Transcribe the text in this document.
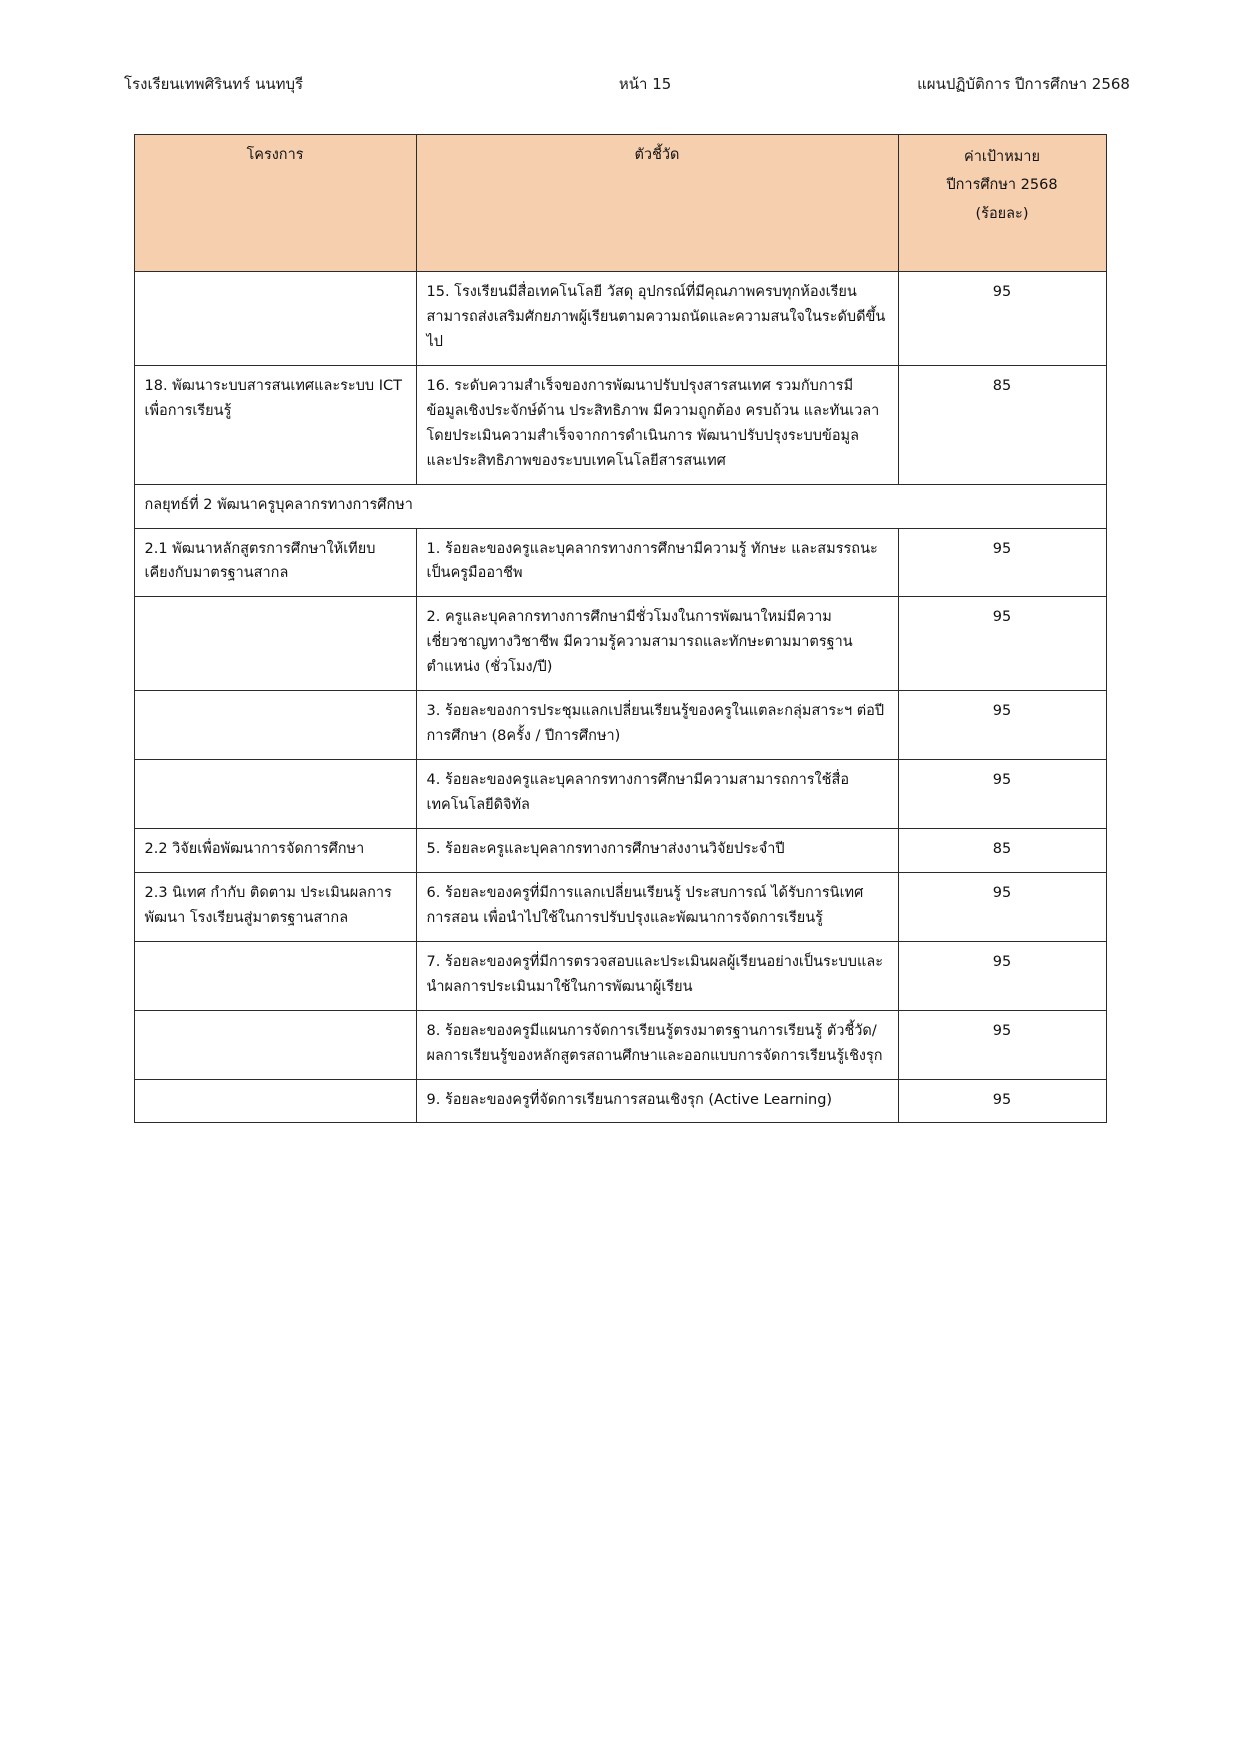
โรงเรียนเทพศิรินทร์ นนทบุรี	หน้า 15	แผนปฏิบัติการ ปีการศึกษา 2568
โครงการ	ตัวชี้วัด	ค่าเป้าหมาย
ปีการศึกษา 2568
(ร้อยละ)

	15. โรงเรียนมีสื่อเทคโนโลยี วัสดุ อุปกรณ์ที่มีคุณภาพครบทุกห้องเรียนสามารถส่งเสริมศักยภาพผู้เรียนตามความถนัดและความสนใจในระดับดีขึ้นไป	95
18. พัฒนาระบบสารสนเทศและระบบ ICT เพื่อการเรียนรู้	16. ระดับความสำเร็จของการพัฒนาปรับปรุงสารสนเทศ รวมกับการมีข้อมูลเชิงประจักษ์ด้าน ประสิทธิภาพ มีความถูกต้อง ครบถ้วน และทันเวลา โดยประเมินความสำเร็จจากการดำเนินการ พัฒนาปรับปรุงระบบข้อมูล และประสิทธิภาพของระบบเทคโนโลยีสารสนเทศ	85
กลยุทธ์ที่ 2 พัฒนาครูบุคลากรทางการศึกษา		
2.1 พัฒนาหลักสูตรการศึกษาให้เทียบเคียงกับมาตรฐานสากล	1. ร้อยละของครูและบุคลากรทางการศึกษามีความรู้ ทักษะ และสมรรถนะเป็นครูมืออาชีพ	95
	2. ครูและบุคลากรทางการศึกษามีชั่วโมงในการพัฒนาใหม่มีความเชี่ยวชาญทางวิชาชีพ มีความรู้ความสามารถและทักษะตามมาตรฐานตำแหน่ง (ชั่วโมง/ปี)	95
	3. ร้อยละของการประชุมแลกเปลี่ยนเรียนรู้ของครูในแตละกลุ่มสาระฯ ต่อปีการศึกษา (8ครั้ง / ปีการศึกษา)	95
	4. ร้อยละของครูและบุคลากรทางการศึกษามีความสามารถการใช้สื่อเทคโนโลยีดิจิทัล	95
2.2 วิจัยเพื่อพัฒนาการจัดการศึกษา	5. ร้อยละครูและบุคลากรทางการศึกษาส่งงานวิจัยประจำปี	85
2.3 นิเทศ กำกับ ติดตาม ประเมินผลการพัฒนา โรงเรียนสู่มาตรฐานสากล	6. ร้อยละของครูที่มีการแลกเปลี่ยนเรียนรู้ ประสบการณ์ ได้รับการนิเทศการสอน เพื่อนำไปใช้ในการปรับปรุงและพัฒนาการจัดการเรียนรู้	95
	7. ร้อยละของครูที่มีการตรวจสอบและประเมินผลผู้เรียนอย่างเป็นระบบและนำผลการประเมินมาใช้ในการพัฒนาผู้เรียน	95
	8. ร้อยละของครูมีแผนการจัดการเรียนรู้ตรงมาตรฐานการเรียนรู้ ตัวชี้วัด/ผลการเรียนรู้ของหลักสูตรสถานศึกษาและออกแบบการจัดการเรียนรู้เชิงรุก	95
	9. ร้อยละของครูที่จัดการเรียนการสอนเชิงรุก (Active Learning)	95
